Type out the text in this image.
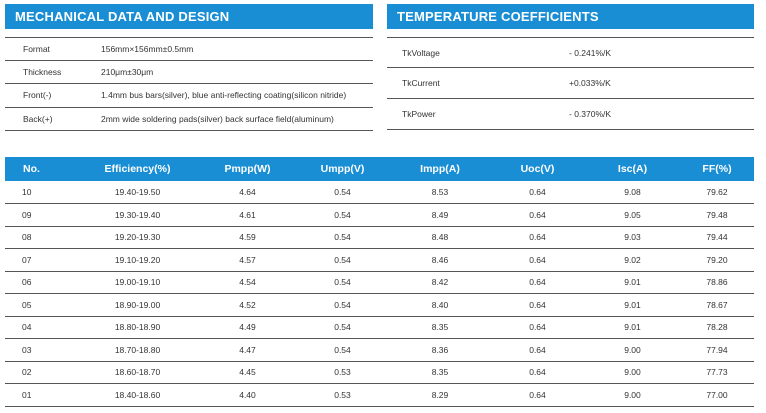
MECHANICAL DATA AND DESIGN	TEMPERATURE COEFFICIENTS
Format	156mm×156mm±0.5mm
Thickness	210μm±30μm
Front(-)	1.4mm bus bars(silver), blue anti-reflecting coating(silicon nitride)
Back(+)	2mm wide soldering pads(silver) back surface field(aluminum)
TkVoltage	- 0.241%/K
TkCurrent	+0.033%/K
TkPower	- 0.370%/K
No.	Efficiency(%)	Pmpp(W)	Umpp(V)	Impp(A)	Uoc(V)	Isc(A)	FF(%)
10	19.40-19.50	4.64	0.54	8.53	0.64	9.08	79.62
09	19.30-19.40	4.61	0.54	8.49	0.64	9.05	79.48
08	19.20-19.30	4.59	0.54	8.48	0.64	9.03	79.44
07	19.10-19.20	4.57	0.54	8.46	0.64	9.02	79.20
06	19.00-19.10	4.54	0.54	8.42	0.64	9.01	78.86
05	18.90-19.00	4.52	0.54	8.40	0.64	9.01	78.67
04	18.80-18.90	4.49	0.54	8.35	0.64	9.01	78.28
03	18.70-18.80	4.47	0.54	8.36	0.64	9.00	77.94
02	18.60-18.70	4.45	0.53	8.35	0.64	9.00	77.73
01	18.40-18.60	4.40	0.53	8.29	0.64	9.00	77.00
